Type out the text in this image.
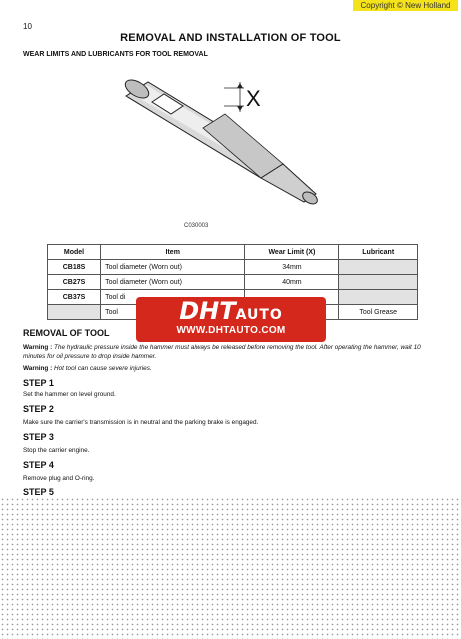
Copyright © New Holland
10
REMOVAL AND INSTALLATION OF TOOL
WEAR LIMITS AND LUBRICANTS FOR TOOL REMOVAL
X
C030003
Model	Item	Wear Limit (X)	Lubricant
CB18S	Tool diameter (Worn out)	34mm	
CB27S	Tool diameter (Worn out)	40mm	
CB37S	Tool di		
	Tool		Tool Grease
DHTAUTO
WWW.DHTAUTO.COM
REMOVAL OF TOOL
Warning : The hydraulic pressure inside the hammer must always be released before removing the tool. After operating the hammer, wait 10 minutes for oil pressure to drop inside hammer.
Warning : Hot tool can cause severe injuries.
STEP 1
Set the hammer on level ground.
STEP 2
Make sure the carrier's transmission is in neutral and the parking brake is engaged.
STEP 3
Stop the carrier engine.
STEP 4
Remove plug and O-ring.
STEP 5
